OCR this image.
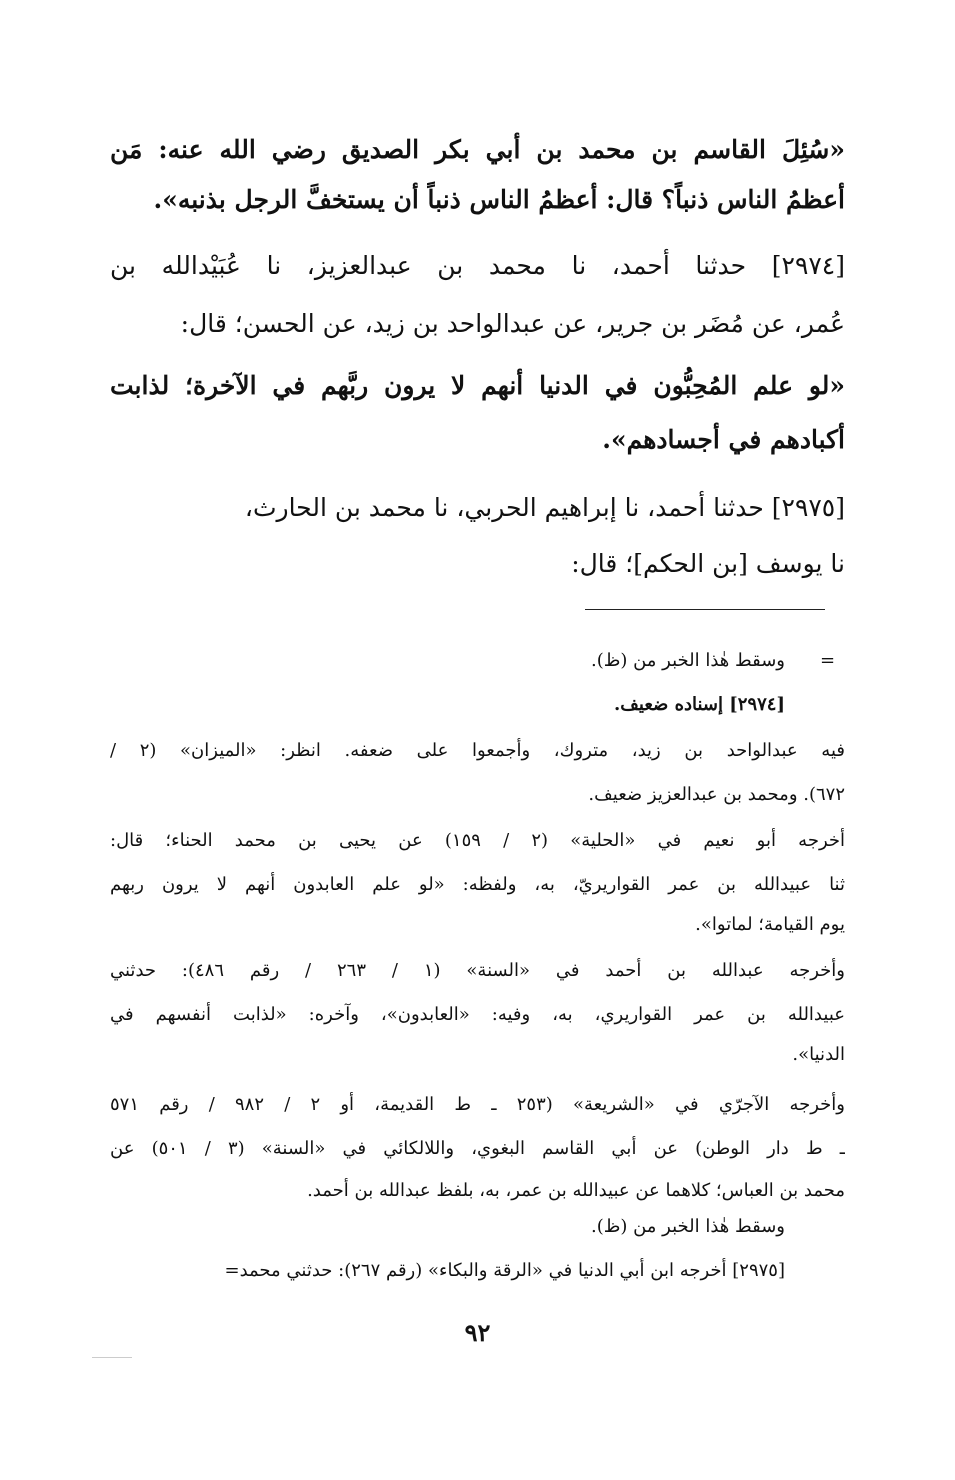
«سُئِلَ القاسم بن محمد بن أبي بكر الصديق رضي الله عنه: مَن
أعظمُ الناس ذنباً؟ قال: أعظمُ الناس ذنباً أن يستخفَّ الرجل بذنبه».
[٢٩٧٤] حدثنا أحمد، نا محمد بن عبدالعزيز، نا عُبَيْدالله بن
عُمر، عن مُضَر بن جرير، عن عبدالواحد بن زيد، عن الحسن؛ قال:
«لو علم المُحِبُّون في الدنيا أنهم لا يرون ربَّهم في الآخرة؛ لذابت
أكبادهم في أجسادهم».
[٢٩٧٥] حدثنا أحمد، نا إبراهيم الحربي، نا محمد بن الحارث،
نا يوسف [بن الحكم]؛ قال:
وسقط هٰذا الخبر من (ظ).
[٢٩٧٤] إسناده ضعيف.
فيه عبدالواحد بن زيد، متروك، وأجمعوا على ضعفه. انظر: «الميزان» (٢ /
٦٧٢). ومحمد بن عبدالعزيز ضعيف.
أخرجه أبو نعيم في «الحلية» (٢ / ١٥٩) عن يحيى بن محمد الحناء؛ قال:
ثنا عبيدالله بن عمر القواريريّ، به، ولفظه: «لو علم العابدون أنهم لا يرون ربهم
يوم القيامة؛ لماتوا».
وأخرجه عبدالله بن أحمد في «السنة» (١ / ٢٦٣ / رقم ٤٨٦): حدثني
عبيدالله بن عمر القواريري، به، وفيه: «العابدون»، وآخره: «لذابت أنفسهم في
الدنيا».
وأخرجه الآجرّي في «الشريعة» (٢٥٣ ـ ط القديمة، أو ٢ / ٩٨٢ / رقم ٥٧١
ـ ط دار الوطن) عن أبي القاسم البغوي، واللالكائي في «السنة» (٣ / ٥٠١) عن
محمد بن العباس؛ كلاهما عن عبيدالله بن عمر، به، بلفظ عبدالله بن أحمد.
وسقط هٰذا الخبر من (ظ).
[٢٩٧٥] أخرجه ابن أبي الدنيا في «الرقة والبكاء» (رقم ٢٦٧): حدثني محمد=
=
٩٢
